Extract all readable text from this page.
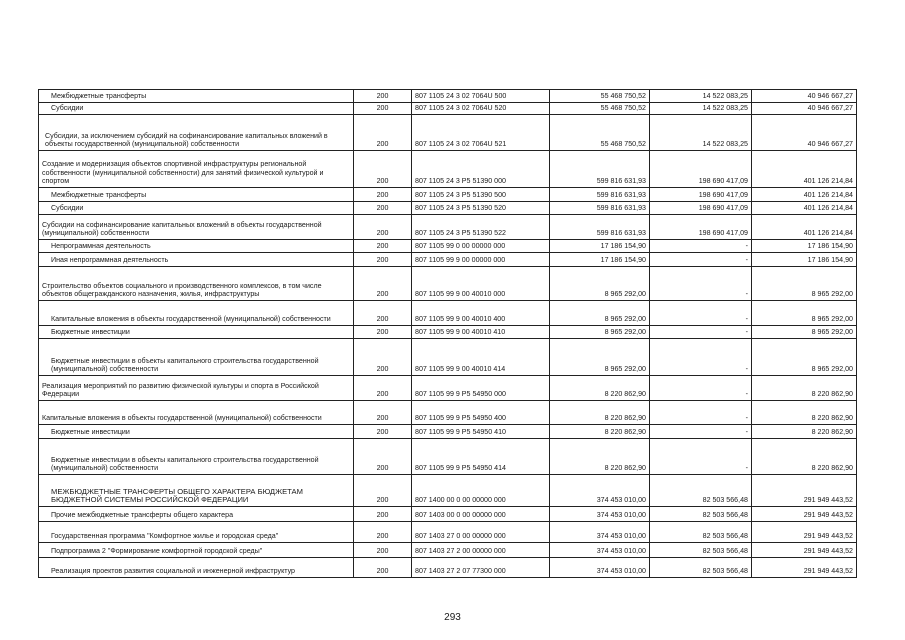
Межбюджетные трансферты	200	807 1105 24 3 02 7064U 500	55 468 750,52	14 522 083,25	40 946 667,27
Субсидии	200	807 1105 24 3 02 7064U 520	55 468 750,52	14 522 083,25	40 946 667,27
Субсидии, за исключением субсидий на софинансирование капитальных вложений в объекты государственной (муниципальной) собственности	200	807 1105 24 3 02 7064U 521	55 468 750,52	14 522 083,25	40 946 667,27
Создание и модернизация объектов спортивной инфраструктуры региональной собственности (муниципальной собственности) для занятий физической культурой и спортом	200	807 1105 24 3 P5 51390 000	599 816 631,93	198 690 417,09	401 126 214,84
Межбюджетные трансферты	200	807 1105 24 3 P5 51390 500	599 816 631,93	198 690 417,09	401 126 214,84
Субсидии	200	807 1105 24 3 P5 51390 520	599 816 631,93	198 690 417,09	401 126 214,84
Субсидии на софинансирование капитальных вложений в объекты государственной (муниципальной) собственности	200	807 1105 24 3 P5 51390 522	599 816 631,93	198 690 417,09	401 126 214,84
Непрограммная деятельность	200	807 1105 99 0 00 00000 000	17 186 154,90	-	17 186 154,90
Иная непрограммная деятельность	200	807 1105 99 9 00 00000 000	17 186 154,90	-	17 186 154,90
Строительство объектов социального и производственного комплексов, в том числе объектов общегражданского назначения, жилья, инфраструктуры	200	807 1105 99 9 00 40010 000	8 965 292,00	-	8 965 292,00
Капитальные вложения в объекты государственной (муниципальной) собственности	200	807 1105 99 9 00 40010 400	8 965 292,00	-	8 965 292,00
Бюджетные инвестиции	200	807 1105 99 9 00 40010 410	8 965 292,00	-	8 965 292,00
Бюджетные инвестиции в объекты капитального строительства государственной (муниципальной) собственности	200	807 1105 99 9 00 40010 414	8 965 292,00	-	8 965 292,00
Реализация мероприятий по развитию физической культуры и спорта в Российской Федерации	200	807 1105 99 9 P5 54950 000	8 220 862,90	-	8 220 862,90
Капитальные вложения в объекты государственной (муниципальной) собственности	200	807 1105 99 9 P5 54950 400	8 220 862,90	-	8 220 862,90
Бюджетные инвестиции	200	807 1105 99 9 P5 54950 410	8 220 862,90	-	8 220 862,90
Бюджетные инвестиции в объекты капитального строительства государственной (муниципальной) собственности	200	807 1105 99 9 P5 54950 414	8 220 862,90	-	8 220 862,90
МЕЖБЮДЖЕТНЫЕ ТРАНСФЕРТЫ ОБЩЕГО ХАРАКТЕРА БЮДЖЕТАМ БЮДЖЕТНОЙ СИСТЕМЫ РОССИЙСКОЙ ФЕДЕРАЦИИ	200	807 1400 00 0 00 00000 000	374 453 010,00	82 503 566,48	291 949 443,52
Прочие межбюджетные трансферты общего характера	200	807 1403 00 0 00 00000 000	374 453 010,00	82 503 566,48	291 949 443,52
Государственная программа "Комфортное жилье и городская среда"	200	807 1403 27 0 00 00000 000	374 453 010,00	82 503 566,48	291 949 443,52
Подпрограмма 2 "Формирование комфортной городской среды"	200	807 1403 27 2 00 00000 000	374 453 010,00	82 503 566,48	291 949 443,52
Реализация проектов развития социальной и инженерной инфраструктур	200	807 1403 27 2 07 77300 000	374 453 010,00	82 503 566,48	291 949 443,52
293
